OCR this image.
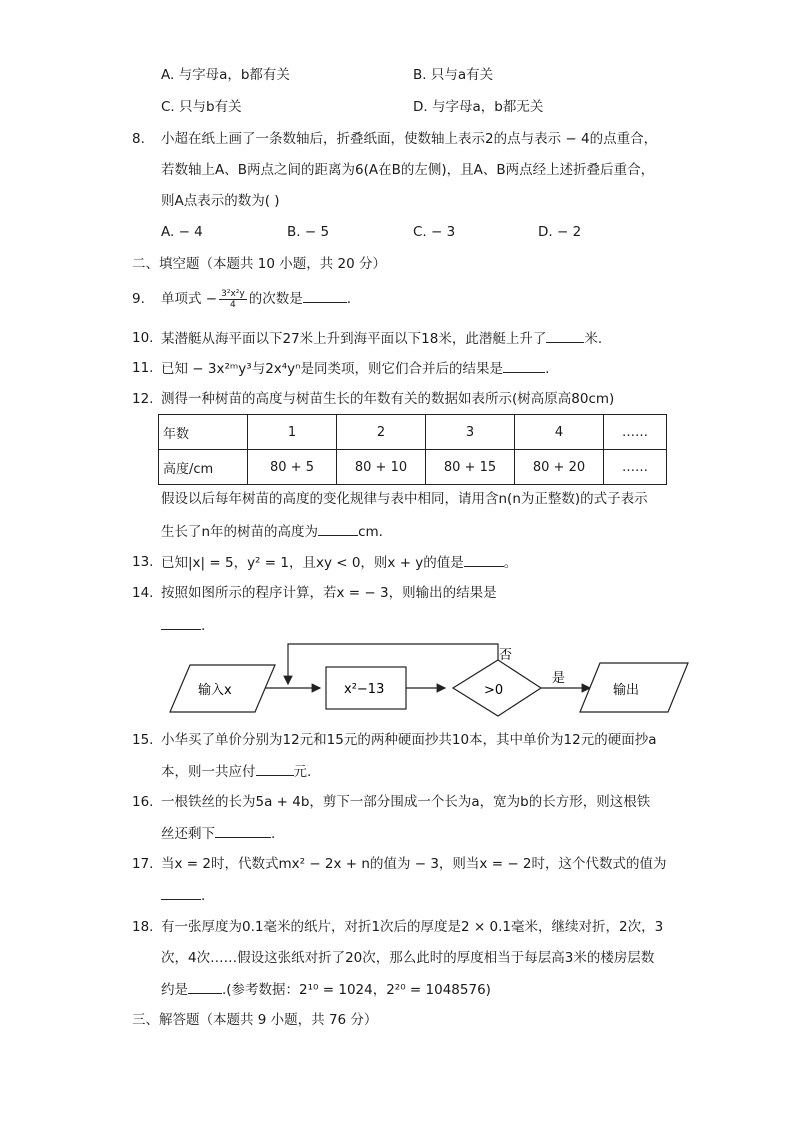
A. 与字母a，b都有关	B. 只与a有关
C. 只与b有关	D. 与字母a，b都无关
8.	小超在纸上画了一条数轴后，折叠纸面，使数轴上表示2的点与表示 − 4的点重合，
若数轴上A、B两点之间的距离为6(A在B的左侧)，且A、B两点经上述折叠后重合，
则A点表示的数为( )
A. − 4	B. − 5	C. − 3	D. − 2
二、填空题（本题共 10 小题，共 20 分）
9.	单项式 − $\frac{\text{3²x²y}}{4}$ 的次数是	.
10. 某潜艇从海平面以下27米上升到海平面以下18米，此潜艇上升了	米.
11. 已知 − 3x²ᵐy³与2x⁴yⁿ是同类项，则它们合并后的结果是	.
12. 测得一种树苗的高度与树苗生长的年数有关的数据如表所示(树高原高80cm)
年数	1	2	3	4	……
高度/cm	80 + 5	80 + 10	80 + 15	80 + 20	……
假设以后每年树苗的高度的变化规律与表中相同，请用含n(n为正整数)的式子表示
生长了n年的树苗的高度为	cm.
13. 已知|x| = 5，y² = 1，且xy < 0，则x + y的值是	。
14. 按照如图所示的程序计算，若x = − 3，则输出的结果是
.
输入x	x²−13	>0
否
是
输出
15. 小华买了单价分别为12元和15元的两种硬面抄共10本，其中单价为12元的硬面抄a
本，则一共应付	元.
16. 一根铁丝的长为5a + 4b，剪下一部分围成一个长为a，宽为b的长方形，则这根铁
丝还剩下	.
17. 当x = 2时，代数式mx² − 2x + n的值为 − 3，则当x = − 2时，这个代数式的值为
.
18. 有一张厚度为0.1毫米的纸片，对折1次后的厚度是2 × 0.1毫米，继续对折，2次，3
次，4次……假设这张纸对折了20次，那么此时的厚度相当于每层高3米的楼房层数
约是	.(参考数据：2¹⁰ = 1024，2²⁰ = 1048576)
三、解答题（本题共 9 小题，共 76 分）
